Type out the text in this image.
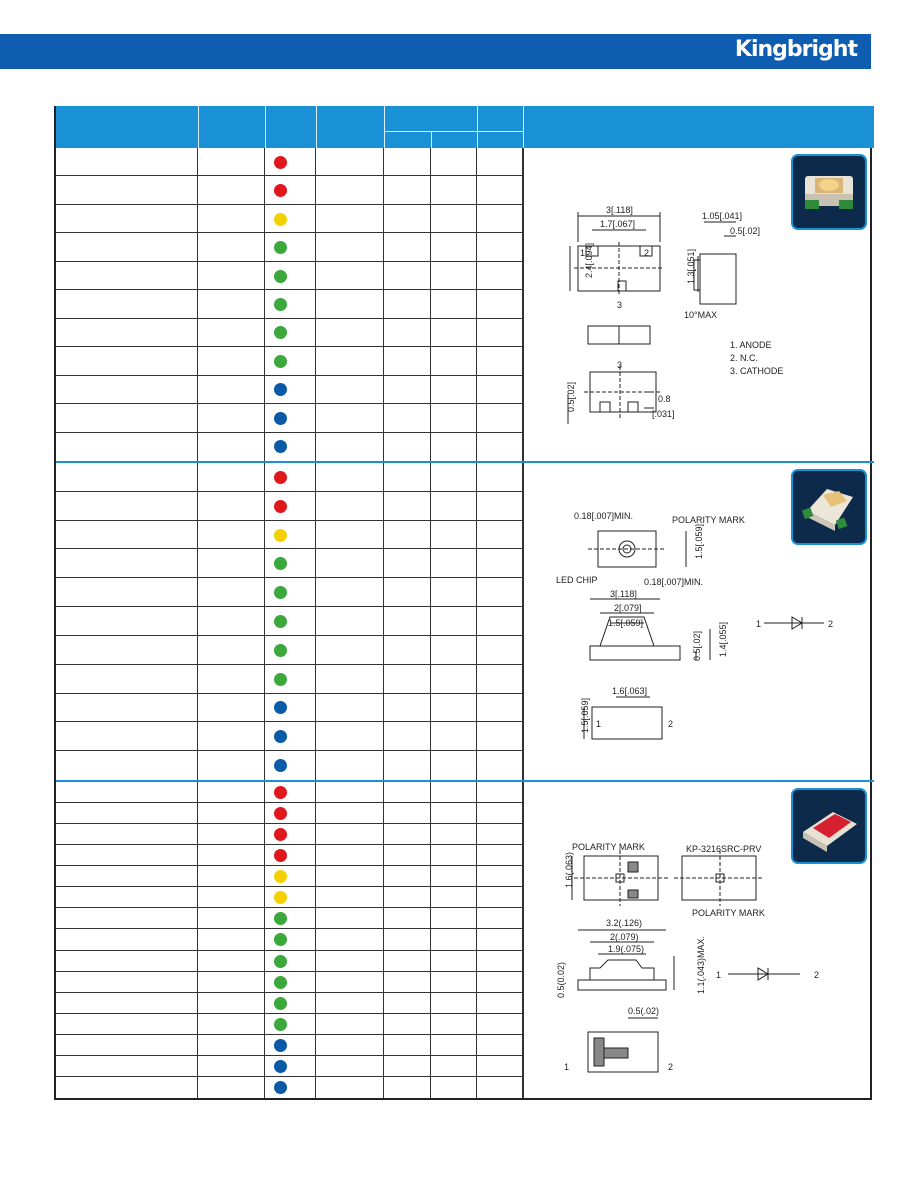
Kingbright
3[.118]
1.7[.067]
2.4[.094]
1.05[.041]
0.5[.02]
1.3[.051]
10°MAX
0.5[.02]	0.8
[.031]
1	2
3
3
1. ANODE
2. N.C.
3. CATHODE
0.18[.007]MIN.	POLARITY MARK
1.5[.059]
LED CHIP	0.18[.007]MIN.
3[.118]
2[.079]
1.5[.059]
0.5[.02] 1.4[.055]
1.6[.063]
1.5[.059] 1	2
1	2
POLARITY MARK
1.6(.063)
KP-3216SRC-PRV
POLARITY MARK
3.2(.126)
2(.079)
1.9(.075)	1.1(.043)MAX.
0.5(0.02)
0.5(.02)
1	2
1	2
